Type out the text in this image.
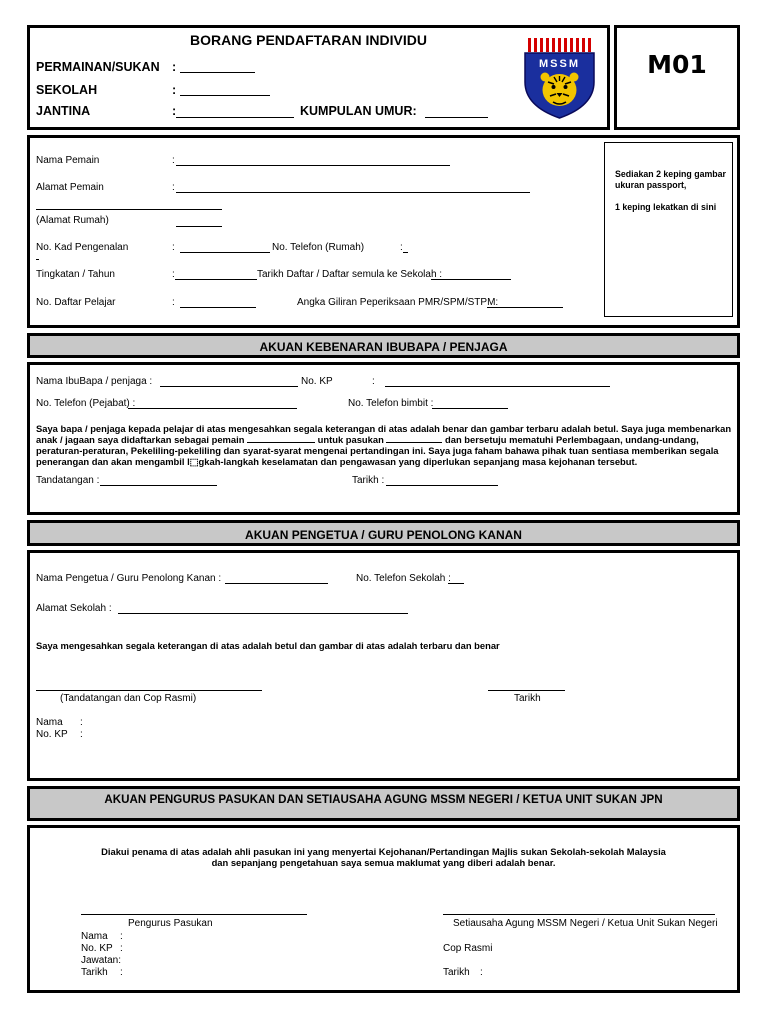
BORANG PENDAFTARAN INDIVIDU
PERMAINAN/SUKAN :
SEKOLAH	:
JANTINA	:	KUMPULAN UMUR:
MSSM	M01
Sediakan 2 keping gambar
ukuran passport,
1 keping lekatkan di sini
Nama Pemain	:
Alamat Pemain	:
(Alamat Rumah)
No. Kad Pengenalan	:	No. Telefon (Rumah)	:
Tingkatan / Tahun	:	Tarikh Daftar / Daftar semula ke Sekolah :
No. Daftar Pelajar	:	Angka Giliran Peperiksaan PMR/SPM/STPM:
AKUAN KEBENARAN IBUBAPA / PENJAGA
Nama IbuBapa / penjaga :	No. KP	:
No. Telefon (Pejabat) :	No. Telefon bimbit :
Saya bapa / penjaga kepada pelajar di atas mengesahkan segala keterangan di atas adalah benar dan gambar terbaru adalah betul. Saya juga membenarkan
anak / jagaan saya didaftarkan sebagai pemain	untuk pasukan	dan bersetuju mematuhi Perlembagaan, undang-undang,
peraturan-peraturan, Pekeliling-pekeliling dan syarat-syarat mengenai pertandingan ini. Saya juga faham bahawa pihak tuan sentiasa memberikan segala
penerangan dan akan mengambil l⬚gkah-langkah keselamatan dan pengawasan yang diperlukan sepanjang masa kejohanan tersebut.
Tandatangan :	Tarikh :
AKUAN PENGETUA / GURU PENOLONG KANAN
Nama Pengetua / Guru Penolong Kanan :	No. Telefon Sekolah :
Alamat Sekolah :
Saya mengesahkan segala keterangan di atas adalah betul dan gambar di atas adalah terbaru dan benar
(Tandatangan dan Cop Rasmi)	Tarikh
Nama :
No. KP :
AKUAN PENGURUS PASUKAN DAN SETIAUSAHA AGUNG MSSM NEGERI / KETUA UNIT SUKAN JPN
Diakui penama di atas adalah ahli pasukan ini yang menyertai Kejohanan/Pertandingan Majlis sukan Sekolah-sekolah Malaysia
dan sepanjang pengetahuan saya semua maklumat yang diberi adalah benar.
Pengurus Pasukan	Setiausaha Agung MSSM Negeri / Ketua Unit Sukan Negeri
Nama :
No. KP :
Jawatan:
Tarikh :
Cop Rasmi
Tarikh :
